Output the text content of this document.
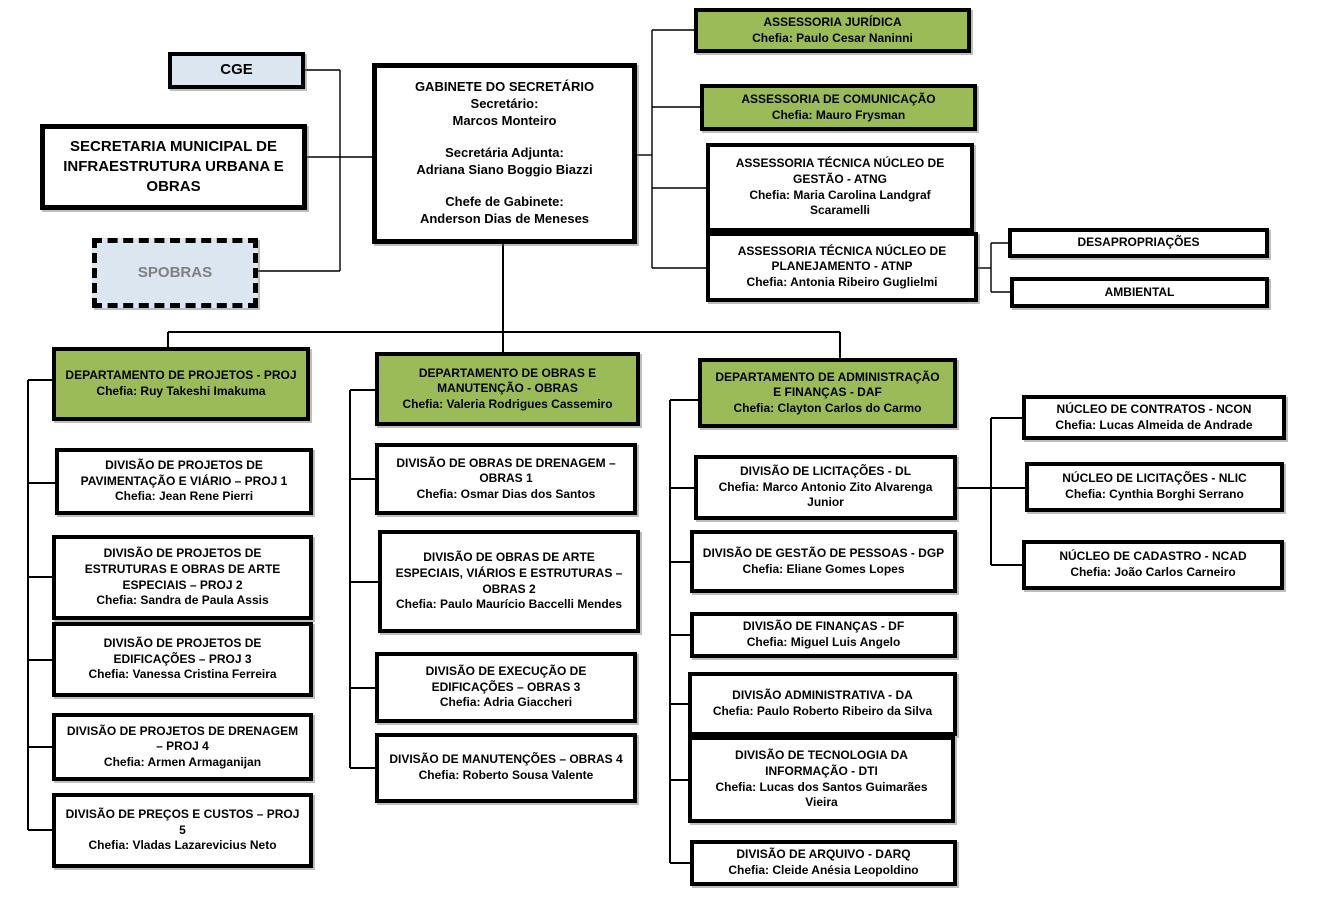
CGE
SECRETARIA MUNICIPAL DE INFRAESTRUTURA URBANA E OBRAS
SPOBRAS
GABINETE DO SECRETÁRIO
Secretário:
Marcos Monteiro
Secretária Adjunta:
Adriana Siano Boggio Biazzi
Chefe de Gabinete:
Anderson Dias de Meneses
ASSESSORIA JURÍDICA
Chefia: Paulo Cesar Naninni
ASSESSORIA DE COMUNICAÇÃO
Chefia: Mauro Frysman
ASSESSORIA TÉCNICA NÚCLEO DE GESTÃO - ATNG
Chefia: Maria Carolina Landgraf Scaramelli
ASSESSORIA TÉCNICA NÚCLEO DE PLANEJAMENTO - ATNP
Chefia: Antonia Ribeiro Guglielmi
DESAPROPRIAÇÕES
AMBIENTAL
DEPARTAMENTO DE PROJETOS - PROJ
Chefia: Ruy Takeshi Imakuma
DIVISÃO DE PROJETOS DE PAVIMENTAÇÃO E VIÁRIO – PROJ 1
Chefia: Jean Rene Pierri
DIVISÃO DE PROJETOS DE ESTRUTURAS E OBRAS DE ARTE ESPECIAIS – PROJ 2
Chefia: Sandra de Paula Assis
DIVISÃO DE PROJETOS DE EDIFICAÇÕES – PROJ 3
Chefia: Vanessa Cristina Ferreira
DIVISÃO DE PROJETOS DE DRENAGEM – PROJ 4
Chefia: Armen Armaganijan
DIVISÃO DE PREÇOS E CUSTOS – PROJ 5
Chefia: Vladas Lazarevicius Neto
DEPARTAMENTO DE OBRAS E MANUTENÇÃO - OBRAS
Chefia: Valeria Rodrigues Cassemiro
DIVISÃO DE OBRAS DE DRENAGEM – OBRAS 1
Chefia: Osmar Dias dos Santos
DIVISÃO DE OBRAS DE ARTE ESPECIAIS, VIÁRIOS E ESTRUTURAS – OBRAS 2
Chefia: Paulo Maurício Baccelli Mendes
DIVISÃO DE EXECUÇÃO DE EDIFICAÇÕES – OBRAS 3
Chefia: Adria Giaccheri
DIVISÃO DE MANUTENÇÕES – OBRAS 4
Chefia: Roberto Sousa Valente
DEPARTAMENTO DE ADMINISTRAÇÃO E FINANÇAS - DAF
Chefia: Clayton Carlos do Carmo
DIVISÃO DE LICITAÇÕES - DL
Chefia: Marco Antonio Zito Alvarenga Junior
DIVISÃO DE GESTÃO DE PESSOAS - DGP
Chefia: Eliane Gomes Lopes
DIVISÃO DE FINANÇAS - DF
Chefia: Miguel Luis Angelo
DIVISÃO ADMINISTRATIVA - DA
Chefia: Paulo Roberto Ribeiro da Silva
DIVISÃO DE TECNOLOGIA DA INFORMAÇÃO - DTI
Chefia: Lucas dos Santos Guimarães Vieira
DIVISÃO DE ARQUIVO - DARQ
Chefia: Cleide Anésia Leopoldino
NÚCLEO DE CONTRATOS - NCON
Chefia: Lucas Almeida de Andrade
NÚCLEO DE LICITAÇÕES - NLIC
Chefia: Cynthia Borghi Serrano
NÚCLEO DE CADASTRO - NCAD
Chefia: João Carlos Carneiro
